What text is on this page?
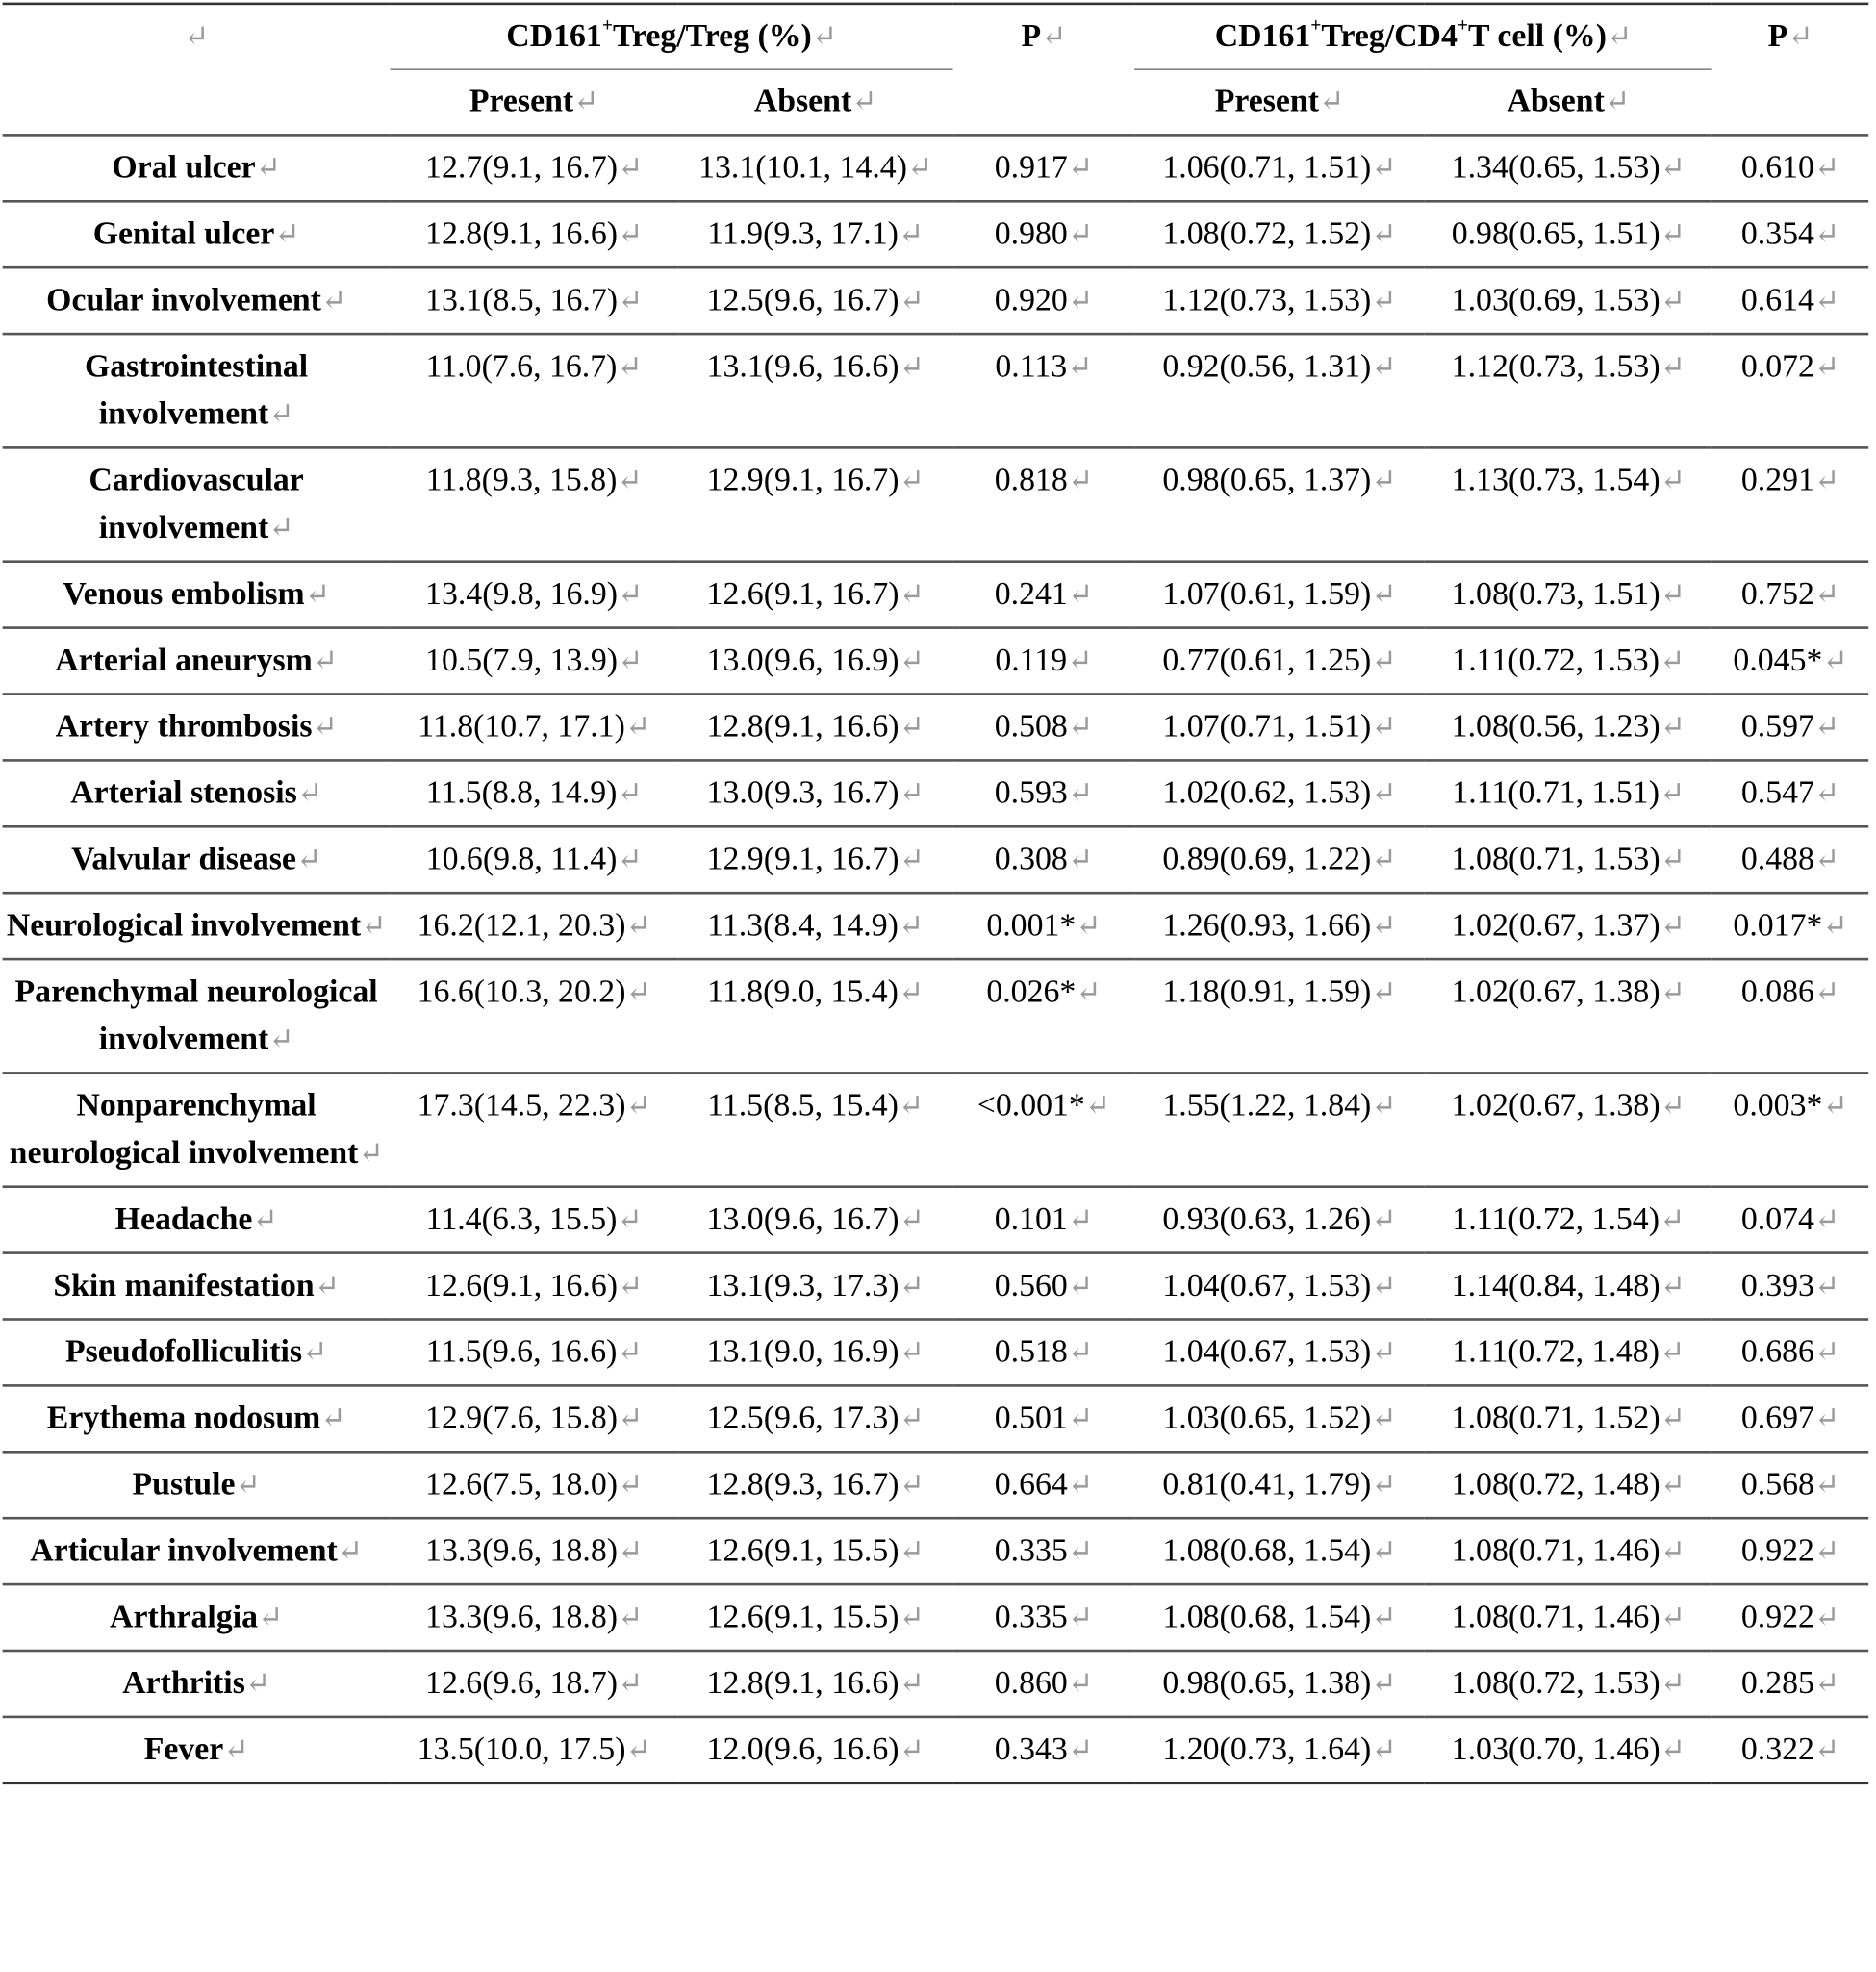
↵	CD161+Treg/Treg (%)↵		P↵	CD161+Treg/CD4+T cell (%)↵		P↵
	Present↵	Absent↵		Present↵	Absent↵	
Oral ulcer↵	12.7(9.1, 16.7)↵	13.1(10.1, 14.4)↵	0.917↵	1.06(0.71, 1.51)↵	1.34(0.65, 1.53)↵	0.610↵
Genital ulcer↵	12.8(9.1, 16.6)↵	11.9(9.3, 17.1)↵	0.980↵	1.08(0.72, 1.52)↵	0.98(0.65, 1.51)↵	0.354↵
Ocular involvement↵	13.1(8.5, 16.7)↵	12.5(9.6, 16.7)↵	0.920↵	1.12(0.73, 1.53)↵	1.03(0.69, 1.53)↵	0.614↵
Gastrointestinal involvement↵	11.0(7.6, 16.7)↵	13.1(9.6, 16.6)↵	0.113↵	0.92(0.56, 1.31)↵	1.12(0.73, 1.53)↵	0.072↵
Cardiovascular involvement↵	11.8(9.3, 15.8)↵	12.9(9.1, 16.7)↵	0.818↵	0.98(0.65, 1.37)↵	1.13(0.73, 1.54)↵	0.291↵
Venous embolism↵	13.4(9.8, 16.9)↵	12.6(9.1, 16.7)↵	0.241↵	1.07(0.61, 1.59)↵	1.08(0.73, 1.51)↵	0.752↵
Arterial aneurysm↵	10.5(7.9, 13.9)↵	13.0(9.6, 16.9)↵	0.119↵	0.77(0.61, 1.25)↵	1.11(0.72, 1.53)↵	0.045*↵
Artery thrombosis↵	11.8(10.7, 17.1)↵	12.8(9.1, 16.6)↵	0.508↵	1.07(0.71, 1.51)↵	1.08(0.56, 1.23)↵	0.597↵
Arterial stenosis↵	11.5(8.8, 14.9)↵	13.0(9.3, 16.7)↵	0.593↵	1.02(0.62, 1.53)↵	1.11(0.71, 1.51)↵	0.547↵
Valvular disease↵	10.6(9.8, 11.4)↵	12.9(9.1, 16.7)↵	0.308↵	0.89(0.69, 1.22)↵	1.08(0.71, 1.53)↵	0.488↵
Neurological involvement↵	16.2(12.1, 20.3)↵	11.3(8.4, 14.9)↵	0.001*↵	1.26(0.93, 1.66)↵	1.02(0.67, 1.37)↵	0.017*↵
Parenchymal neurological involvement↵	16.6(10.3, 20.2)↵	11.8(9.0, 15.4)↵	0.026*↵	1.18(0.91, 1.59)↵	1.02(0.67, 1.38)↵	0.086↵
Nonparenchymal neurological involvement↵	17.3(14.5, 22.3)↵	11.5(8.5, 15.4)↵	<0.001*↵	1.55(1.22, 1.84)↵	1.02(0.67, 1.38)↵	0.003*↵
Headache↵	11.4(6.3, 15.5)↵	13.0(9.6, 16.7)↵	0.101↵	0.93(0.63, 1.26)↵	1.11(0.72, 1.54)↵	0.074↵
Skin manifestation↵	12.6(9.1, 16.6)↵	13.1(9.3, 17.3)↵	0.560↵	1.04(0.67, 1.53)↵	1.14(0.84, 1.48)↵	0.393↵
Pseudofolliculitis↵	11.5(9.6, 16.6)↵	13.1(9.0, 16.9)↵	0.518↵	1.04(0.67, 1.53)↵	1.11(0.72, 1.48)↵	0.686↵
Erythema nodosum↵	12.9(7.6, 15.8)↵	12.5(9.6, 17.3)↵	0.501↵	1.03(0.65, 1.52)↵	1.08(0.71, 1.52)↵	0.697↵
Pustule↵	12.6(7.5, 18.0)↵	12.8(9.3, 16.7)↵	0.664↵	0.81(0.41, 1.79)↵	1.08(0.72, 1.48)↵	0.568↵
Articular involvement↵	13.3(9.6, 18.8)↵	12.6(9.1, 15.5)↵	0.335↵	1.08(0.68, 1.54)↵	1.08(0.71, 1.46)↵	0.922↵
Arthralgia↵	13.3(9.6, 18.8)↵	12.6(9.1, 15.5)↵	0.335↵	1.08(0.68, 1.54)↵	1.08(0.71, 1.46)↵	0.922↵
Arthritis↵	12.6(9.6, 18.7)↵	12.8(9.1, 16.6)↵	0.860↵	0.98(0.65, 1.38)↵	1.08(0.72, 1.53)↵	0.285↵
Fever↵	13.5(10.0, 17.5)↵	12.0(9.6, 16.6)↵	0.343↵	1.20(0.73, 1.64)↵	1.03(0.70, 1.46)↵	0.322↵
